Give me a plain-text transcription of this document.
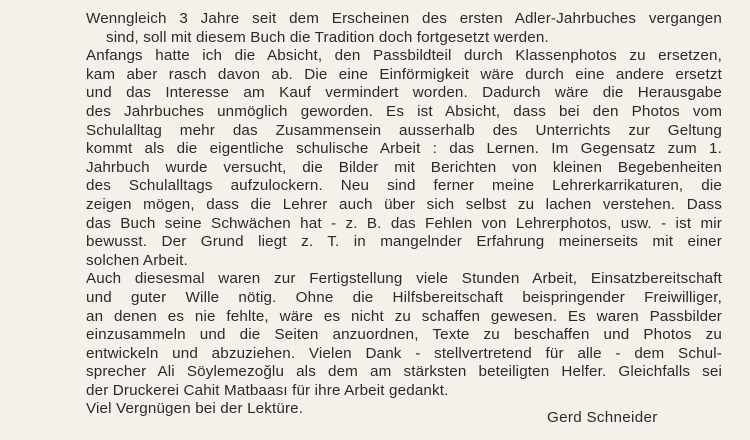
Wenngleich 3 Jahre seit dem Erscheinen des ersten Adler-Jahrbuches vergangen
sind, soll mit diesem Buch die Tradition doch fortgesetzt werden.
Anfangs hatte ich die Absicht, den Passbildteil durch Klassenphotos zu ersetzen,
kam aber rasch davon ab. Die eine Einförmigkeit wäre durch eine andere ersetzt
und das Interesse am Kauf vermindert worden. Dadurch wäre die Herausgabe
des Jahrbuches unmöglich geworden. Es ist Absicht, dass bei den Photos vom
Schulalltag mehr das Zusammensein ausserhalb des Unterrichts zur Geltung
kommt als die eigentliche schulische Arbeit : das Lernen. Im Gegensatz zum 1.
Jahrbuch wurde versucht, die Bilder mit Berichten von kleinen Begebenheiten
des Schulalltags aufzulockern. Neu sind ferner meine Lehrerkarrikaturen, die
zeigen mögen, dass die Lehrer auch über sich selbst zu lachen verstehen. Dass
das Buch seine Schwächen hat - z. B. das Fehlen von Lehrerphotos, usw. - ist mir
bewusst. Der Grund liegt z. T. in mangelnder Erfahrung meinerseits mit einer
solchen Arbeit.
Auch diesesmal waren zur Fertigstellung viele Stunden Arbeit, Einsatzbereitschaft
und guter Wille nötig. Ohne die Hilfsbereitschaft beispringender Freiwilliger,
an denen es nie fehlte, wäre es nicht zu schaffen gewesen. Es waren Passbilder
einzusammeln und die Seiten anzuordnen, Texte zu beschaffen und Photos zu
entwickeln und abzuziehen. Vielen Dank - stellvertretend für alle - dem Schul-
sprecher Ali Söylemezoğlu als dem am stärksten beteiligten Helfer. Gleichfalls sei
der Druckerei Cahit Matbaası für ihre Arbeit gedankt.
Viel Vergnügen bei der Lektüre.
Gerd Schneider
